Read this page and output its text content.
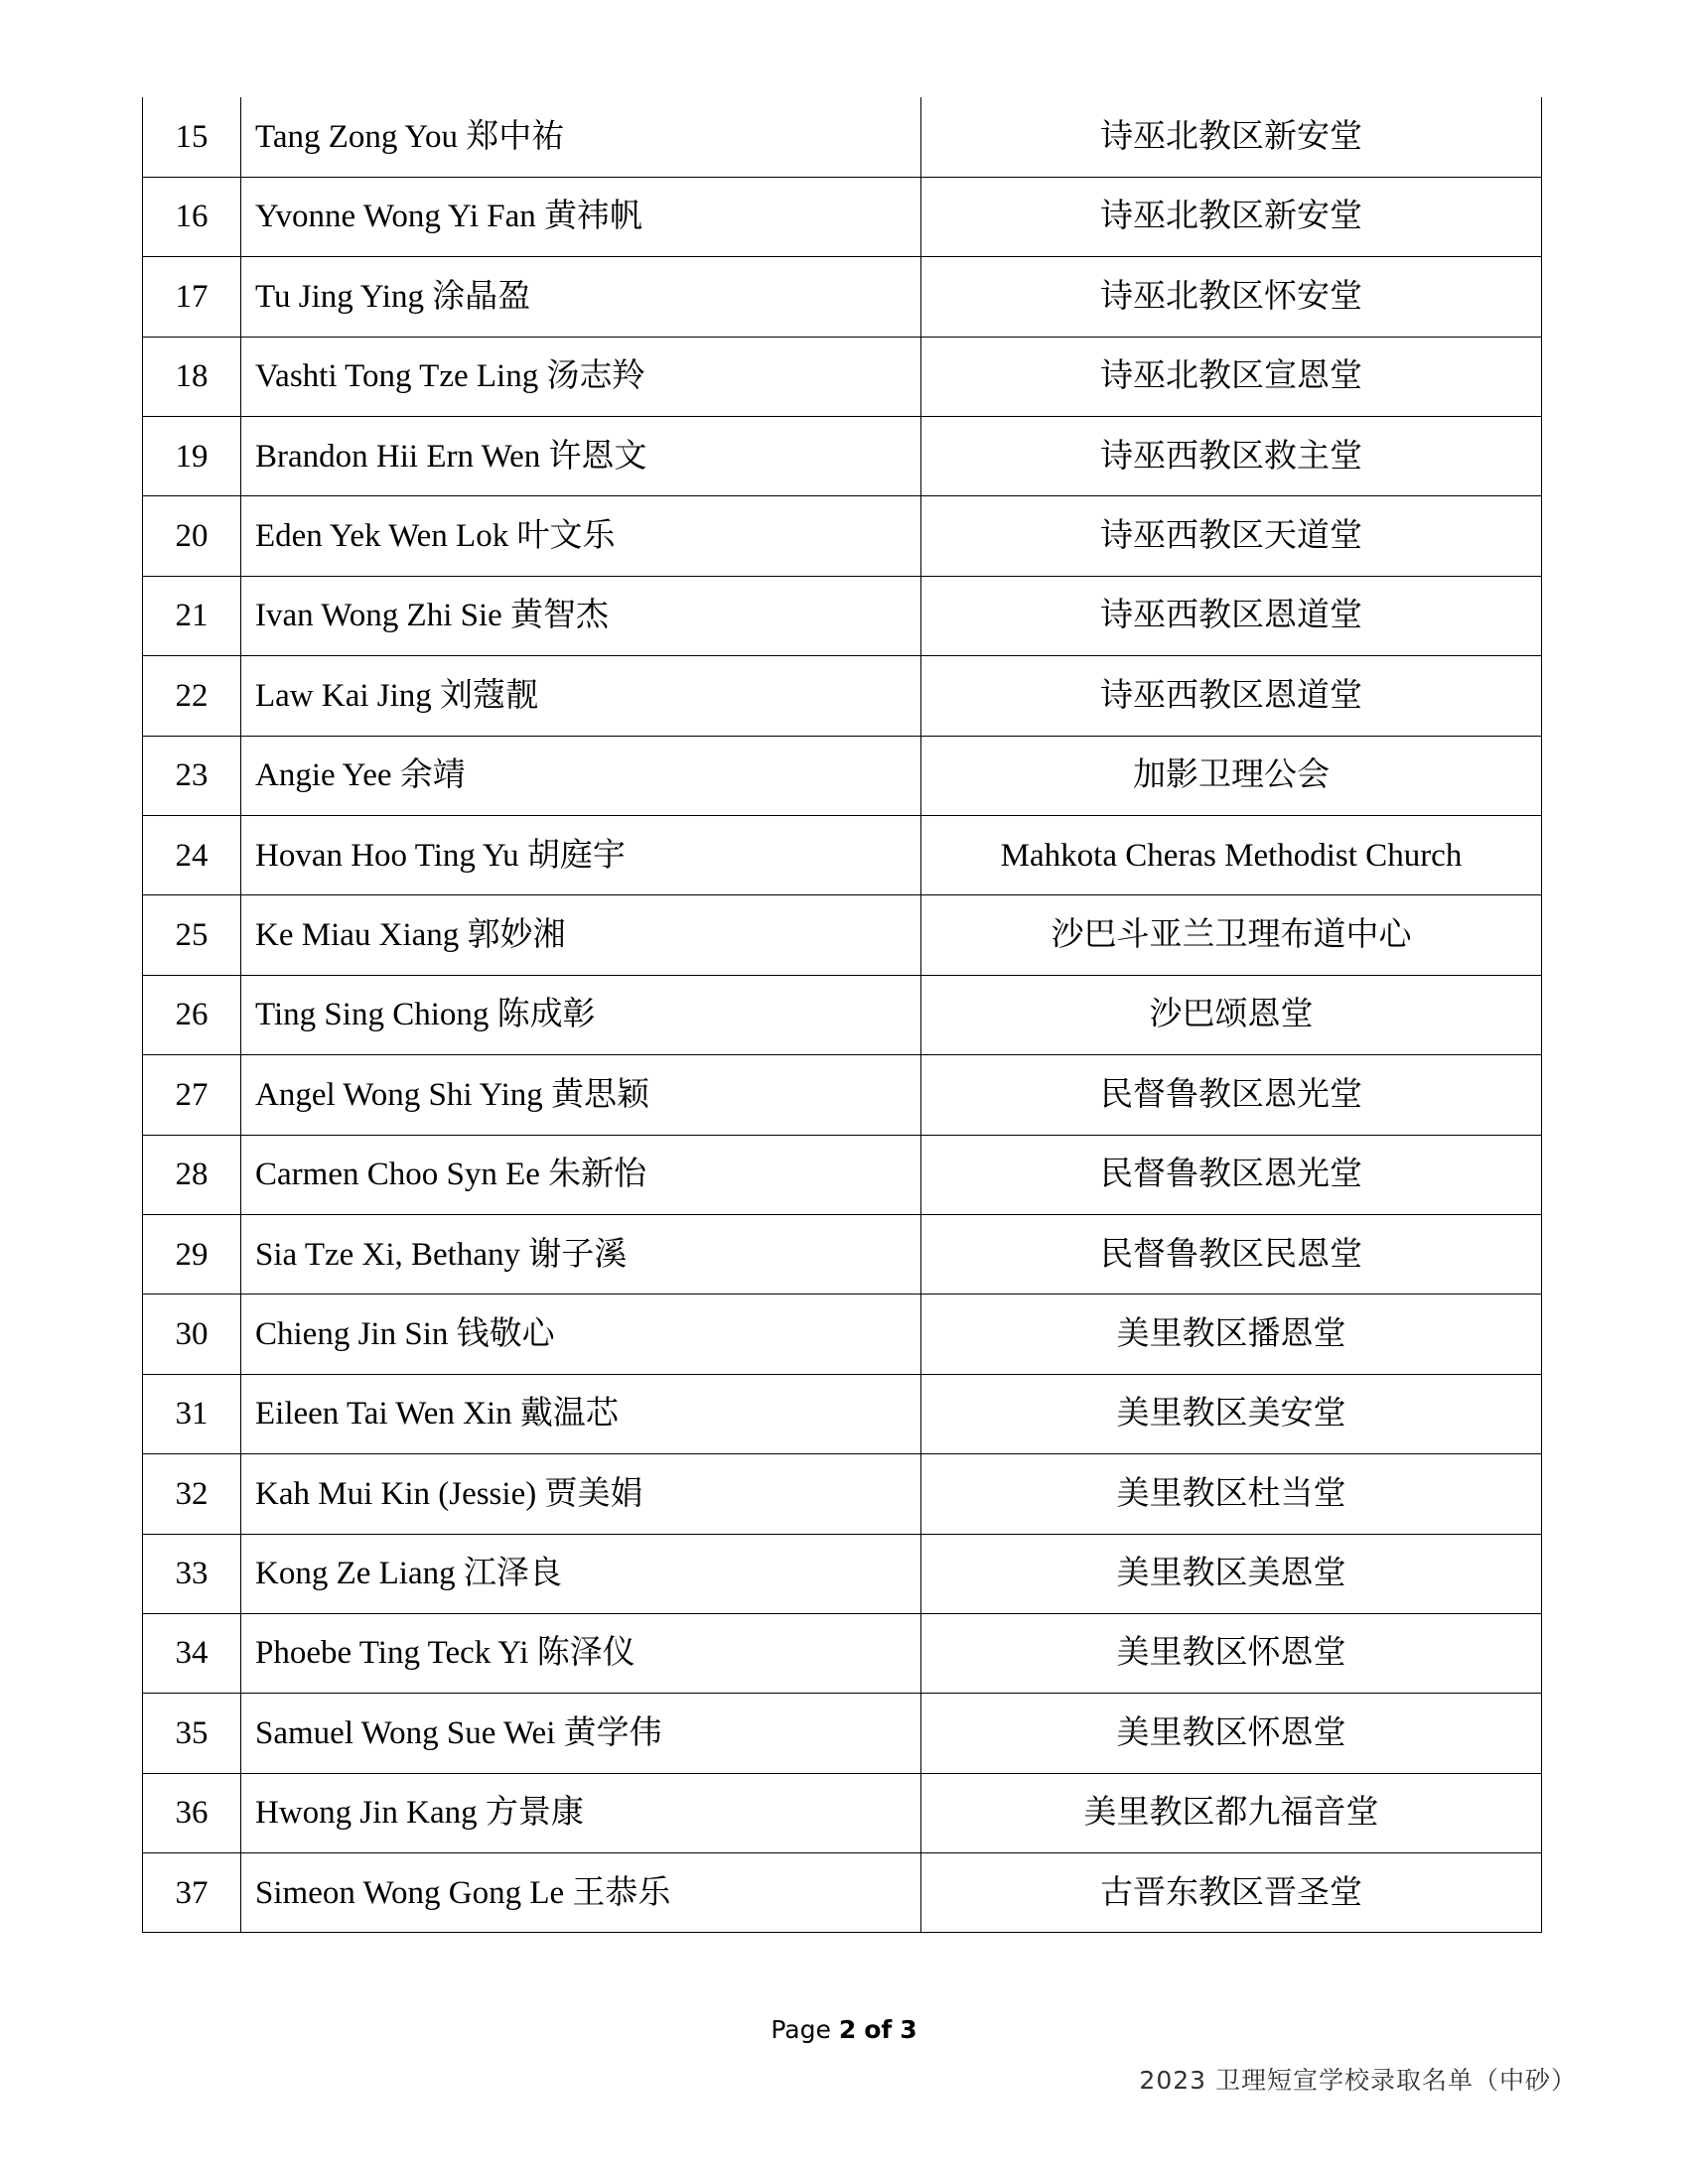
15	Tang Zong You 郑中祐	诗巫北教区新安堂
16	Yvonne Wong Yi Fan 黄祎帆	诗巫北教区新安堂
17	Tu Jing Ying 涂晶盈	诗巫北教区怀安堂
18	Vashti Tong Tze Ling 汤志羚	诗巫北教区宣恩堂
19	Brandon Hii Ern Wen 许恩文	诗巫西教区救主堂
20	Eden Yek Wen Lok 叶文乐	诗巫西教区天道堂
21	Ivan Wong Zhi Sie 黄智杰	诗巫西教区恩道堂
22	Law Kai Jing 刘蔻靓	诗巫西教区恩道堂
23	Angie Yee 余靖	加影卫理公会
24	Hovan Hoo Ting Yu 胡庭宇	Mahkota Cheras Methodist Church
25	Ke Miau Xiang 郭妙湘	沙巴斗亚兰卫理布道中心
26	Ting Sing Chiong 陈成彰	沙巴颂恩堂
27	Angel Wong Shi Ying 黄思颖	民督鲁教区恩光堂
28	Carmen Choo Syn Ee 朱新怡	民督鲁教区恩光堂
29	Sia Tze Xi, Bethany 谢子溪	民督鲁教区民恩堂
30	Chieng Jin Sin 钱敬心	美里教区播恩堂
31	Eileen Tai Wen Xin 戴温芯	美里教区美安堂
32	Kah Mui Kin (Jessie) 贾美娟	美里教区杜当堂
33	Kong Ze Liang 江泽良	美里教区美恩堂
34	Phoebe Ting Teck Yi 陈泽仪	美里教区怀恩堂
35	Samuel Wong Sue Wei 黄学伟	美里教区怀恩堂
36	Hwong Jin Kang 方景康	美里教区都九福音堂
37	Simeon Wong Gong Le 王恭乐	古晋东教区晋圣堂
Page 2 of 3
2023 卫理短宣学校录取名单（中砂）
